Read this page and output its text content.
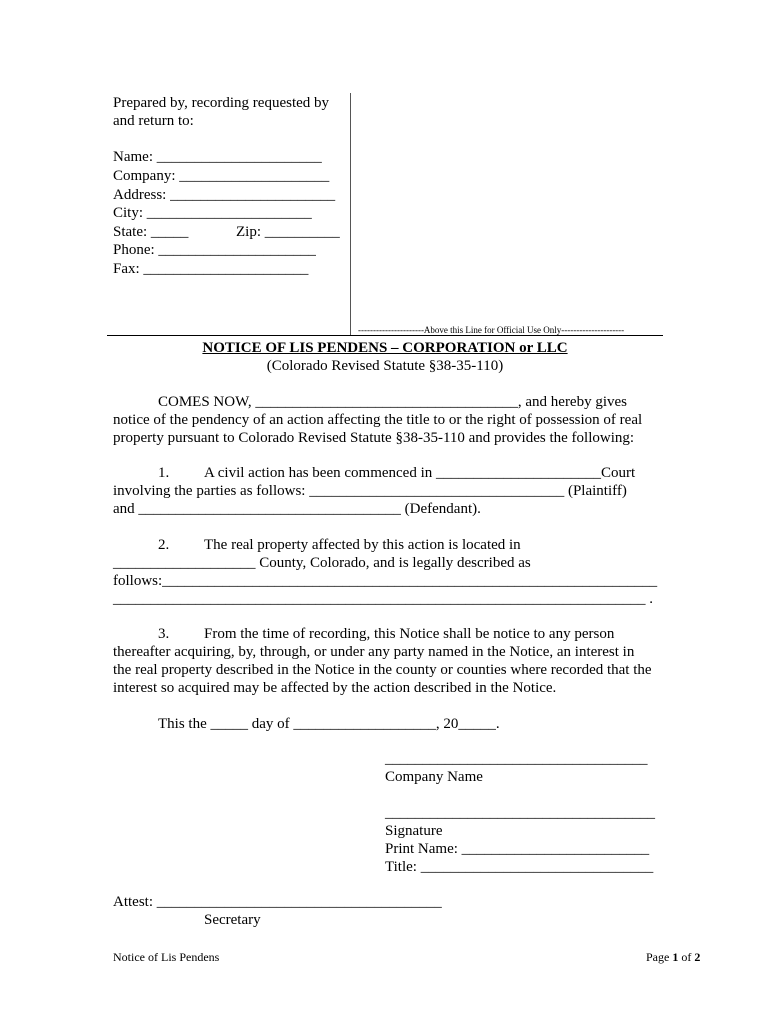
Prepared by, recording requested by
and return to:
Name: ______________________
Company: ____________________
Address: ______________________
City: ______________________
State: _____	Zip: __________
Phone: _____________________
Fax: ______________________
----------------------Above this Line for Official Use Only---------------------
NOTICE OF LIS PENDENS – CORPORATION or LLC
(Colorado Revised Statute §38-35-110)
COMES NOW, ___________________________________, and hereby gives
notice of the pendency of an action affecting the title to or the right of possession of real
property pursuant to Colorado Revised Statute §38-35-110 and provides the following:
1. A civil action has been commenced in ______________________Court
involving the parties as follows: __________________________________ (Plaintiff)
and ___________________________________ (Defendant).
2. The real property affected by this action is located in
___________________ County, Colorado, and is legally described as
follows:__________________________________________________________________
_______________________________________________________________________ .
3. From the time of recording, this Notice shall be notice to any person
thereafter acquiring, by, through, or under any party named in the Notice, an interest in
the real property described in the Notice in the county or counties where recorded that the
interest so acquired may be affected by the action described in the Notice.
This the _____ day of ___________________, 20_____.
___________________________________
Company Name
____________________________________
Signature
Print Name: _________________________
Title: _______________________________
Attest: ______________________________________
Secretary
Notice of Lis Pendens	Page 1 of 2
